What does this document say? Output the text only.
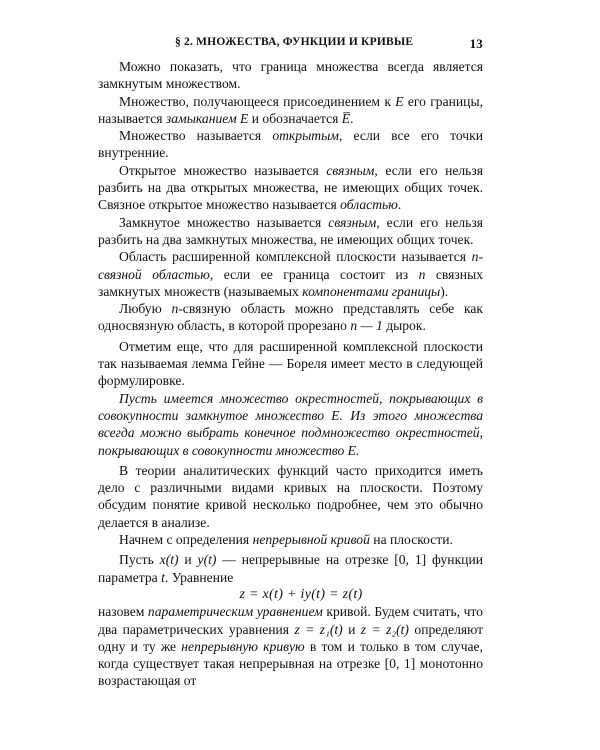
§ 2. МНОЖЕСТВА, ФУНКЦИИ И КРИВЫЕ	13

Можно показать, что граница множества всегда является замкнутым множеством.

Множество, получающееся присоединением к E его границы, называется замыканием E и обозначается E̅.

Множество называется открытым, если все его точки внутренние.

Открытое множество называется связным, если его нельзя разбить на два открытых множества, не имеющих общих точек. Связное открытое множество называется областью.

Замкнутое множество называется связным, если его нельзя разбить на два замкнутых множества, не имеющих общих точек.

Область расширенной комплексной плоскости называется n-связной областью, если ее граница состоит из n связных замкнутых множеств (называемых компонентами границы).

Любую n-связную область можно представлять себе как односвязную область, в которой прорезано n — 1 дырок.

Отметим еще, что для расширенной комплексной плоскости так называемая лемма Гейне — Бореля имеет место в следующей формулировке.

Пусть имеется множество окрестностей, покрывающих в совокупности замкнутое множество E. Из этого множества всегда можно выбрать конечное подмножество окрестностей, покрывающих в совокупности множество E.

В теории аналитических функций часто приходится иметь дело с различными видами кривых на плоскости. Поэтому обсудим понятие кривой несколько подробнее, чем это обычно делается в анализе.

Начнем с определения непрерывной кривой на плоскости.

Пусть x(t) и y(t) — непрерывные на отрезке [0, 1] функции параметра t. Уравнение

z = x(t) + iy(t) = z(t)

назовем параметрическим уравнением кривой. Будем считать, что два параметрических уравнения z = z₁(t) и z = z₂(t) определяют одну и ту же непрерывную кривую в том и только в том случае, когда существует такая непрерывная на отрезке [0, 1] монотонно возрастающая от
